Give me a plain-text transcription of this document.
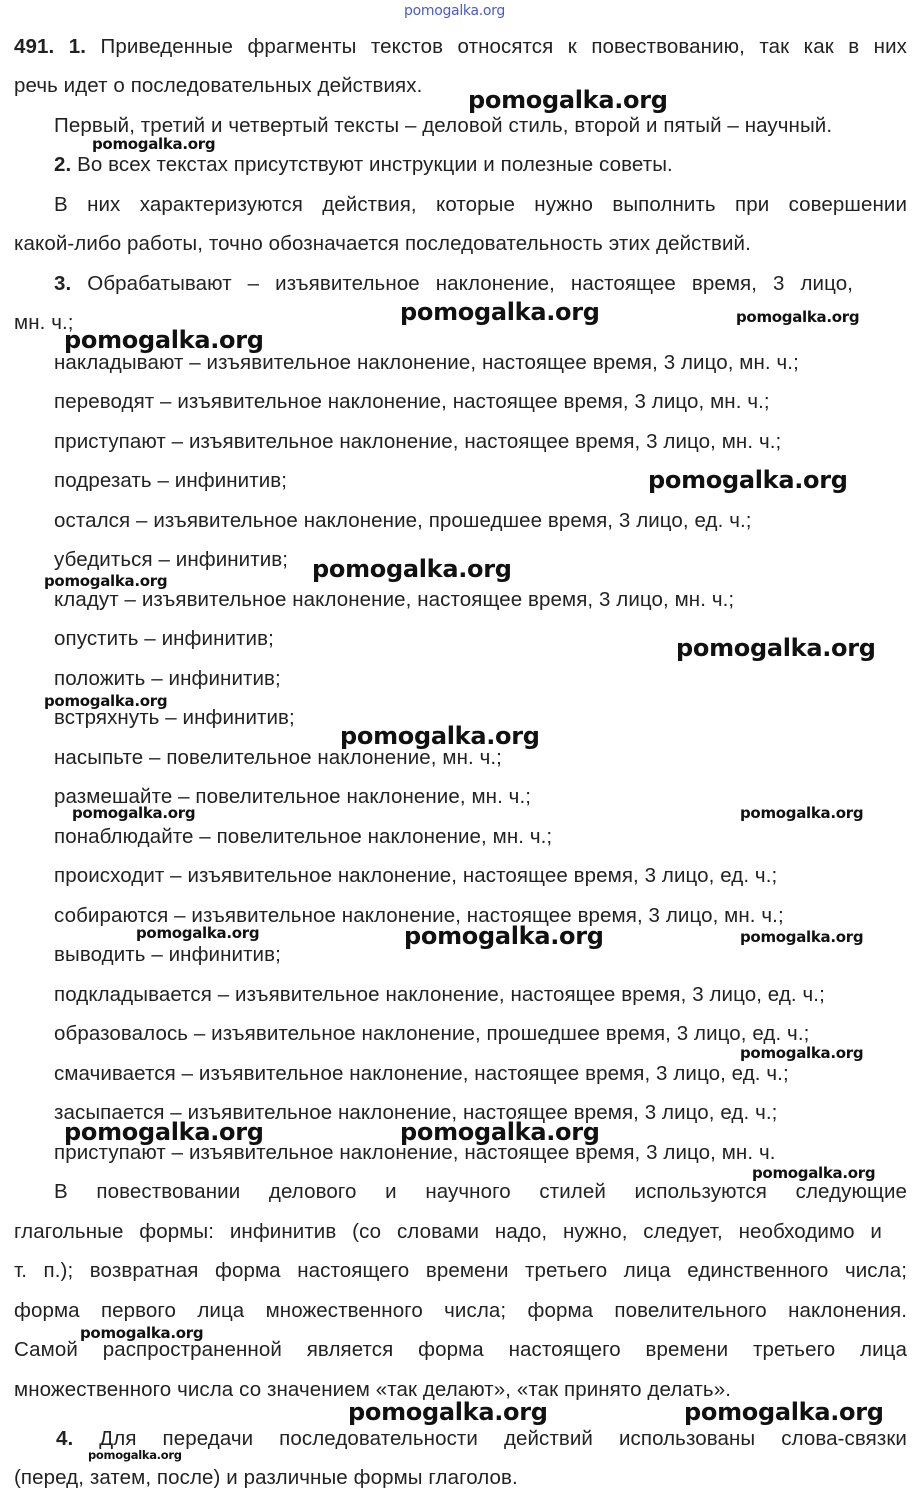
pomogalka.org
491. 1. Приведенные фрагменты текстов относятся к повествованию, так как в них
речь идет о последовательных действиях.
Первый, третий и четвертый тексты – деловой стиль, второй и пятый – научный.
2. Во всех текстах присутствуют инструкции и полезные советы.
В них характеризуются действия, которые нужно выполнить при совершении
какой-либо работы, точно обозначается последовательность этих действий.
3. Обрабатывают – изъявительное наклонение, настоящее время, 3 лицо,
мн. ч.;
накладывают – изъявительное наклонение, настоящее время, 3 лицо, мн. ч.;
переводят – изъявительное наклонение, настоящее время, 3 лицо, мн. ч.;
приступают – изъявительное наклонение, настоящее время, 3 лицо, мн. ч.;
подрезать – инфинитив;
остался – изъявительное наклонение, прошедшее время, 3 лицо, ед. ч.;
убедиться – инфинитив;
кладут – изъявительное наклонение, настоящее время, 3 лицо, мн. ч.;
опустить – инфинитив;
положить – инфинитив;
встряхнуть – инфинитив;
насыпьте – повелительное наклонение, мн. ч.;
размешайте – повелительное наклонение, мн. ч.;
понаблюдайте – повелительное наклонение, мн. ч.;
происходит – изъявительное наклонение, настоящее время, 3 лицо, ед. ч.;
собираются – изъявительное наклонение, настоящее время, 3 лицо, мн. ч.;
выводить – инфинитив;
подкладывается – изъявительное наклонение, настоящее время, 3 лицо, ед. ч.;
образовалось – изъявительное наклонение, прошедшее время, 3 лицо, ед. ч.;
смачивается – изъявительное наклонение, настоящее время, 3 лицо, ед. ч.;
засыпается – изъявительное наклонение, настоящее время, 3 лицо, ед. ч.;
приступают – изъявительное наклонение, настоящее время, 3 лицо, мн. ч.
В повествовании делового и научного стилей используются следующие
глагольные формы: инфинитив (со словами надо, нужно, следует, необходимо и
т. п.); возвратная форма настоящего времени третьего лица единственного числа;
форма первого лица множественного числа; форма повелительного наклонения.
Самой распространенной является форма настоящего времени третьего лица
множественного числа со значением «так делают», «так принято делать».
4. Для передачи последовательности действий использованы слова-связки
(перед, затем, после) и различные формы глаголов.
pomogalka.org
pomogalka.org
pomogalka.org	pomogalka.org
pomogalka.org
pomogalka.org
pomogalka.org
pomogalka.org
pomogalka.org
pomogalka.org
pomogalka.org
pomogalka.org	pomogalka.org
pomogalka.org	pomogalka.org	pomogalka.org
pomogalka.org
pomogalka.org	pomogalka.org
pomogalka.org
pomogalka.org
pomogalka.org	pomogalka.org
pomogalka.org
